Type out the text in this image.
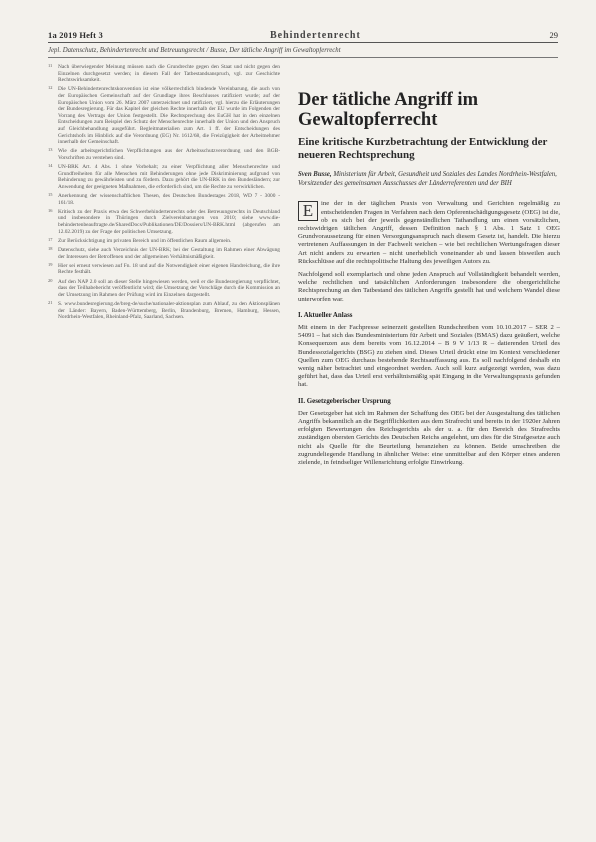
1a 2019 Heft 3	Behindertenrecht	29
Jepl. Datenschutz, Behindertenrecht und Betreuungsrecht / Busse, Der tätliche Angriff im Gewaltopferrecht
11 Nach überwiegender Meinung müssen nach die Grundrechte gegen den Staat und nicht gegen den Einzelnen durchgesetzt werden; in diesem Fall der Tatbestandsanspruch, vgl. zur Geschichte Rechtswirksamkeit.
12 Die UN-Behindertenrechtskonvention ist eine völkerrechtlich bindende Vereinbarung, die auch von der Europäischen Gemeinschaft auf der Grundlage ihres Beschlusses ratifiziert wurde; auf der Europäischen Union vom 26. März 2007 unterzeichnet und ratifiziert, vgl. hierzu die Erläuterungen der Bundesregierung. Für das Kapitel der gleichen Rechte innerhalb der EU wurde im Folgenden der Vorrang des Vertrags der Union festgestellt. Die Rechtsprechung des EuGH hat in den einzelnen Entscheidungen zum Beispiel den Schutz der Menschenrechte innerhalb der Union und den Anspruch auf Gleichbehandlung ausgeführt. Begleitmaterialien zum Art. 1 ff. der Entscheidungen des Gerichtshofs im Hinblick auf die Verordnung (EG) Nr. 1612/68, die Freizügigkeit der Arbeitnehmer innerhalb der Gemeinschaft.
13 Wie die arbeitsgerichtlichen Verpflichtungen aus der Arbeitsschutzverordnung und den BGB-Vorschriften zu verstehen sind.
14 UN-BRK Art. 4 Abs. 1 ohne Vorbehalt; zu einer Verpflichtung aller Menschenrechte und Grundfreiheiten für alle Menschen mit Behinderungen ohne jede Diskriminierung aufgrund von Behinderung zu gewährleisten und zu fördern. Dazu gehört die UN-BRK in den Bundesländern; zur Anwendung der geeigneten Maßnahmen, die erforderlich sind, um die Rechte zu verwirklichen.
15 Anerkennung der wissenschaftlichen Thesen, des Deutschen Bundestages 2018, WD 7 - 3000 - 161/18.
16 Kritisch zu der Praxis etwa des Schwerbehindertenrechts oder des Betreuungsrechts in Deutschland und insbesondere in Thüringen durch Zielvereinbarungen von 2010; siehe www.die-behindertenbeauftragte.de/SharedDocs/Publikationen/DE/Dossiers/UN-BRK.html (abgerufen am 12.02.2019) zu der Frage der politischen Umsetzung.
17 Zur Berücksichtigung im privaten Bereich und im öffentlichen Raum allgemein.
18 Datenschutz, siehe auch Verzeichnis der UN-BRK; bei der Gestaltung im Rahmen einer Abwägung der Interessen der Betroffenen und der allgemeinen Verhältnismäßigkeit.
19 Hier sei erneut verwiesen auf Fn. 18 und auf die Notwendigkeit einer eigenen Handreichung, die ihre Rechte festhält.
20 Auf den NAP 2.0 soll an dieser Stelle hingewiesen werden, weil er die Bundesregierung verpflichtet, dass der Teilhabebericht veröffentlicht wird; die Umsetzung der Vorschläge durch die Kommission an der Umsetzung im Rahmen der Prüfung wird im Einzelnen dargestellt.
21 S. www.bundesregierung.de/breg-de/suche/nationaler-aktionsplan zum Ablauf, zu den Aktionsplänen der Länder: Bayern, Baden-Württemberg, Berlin, Brandenburg, Bremen, Hamburg, Hessen, Nordrhein-Westfalen, Rheinland-Pfalz, Saarland, Sachsen.
Der tätliche Angriff im Gewaltopferrecht
Eine kritische Kurzbetrachtung der Entwicklung der neueren Rechtsprechung
Sven Busse, Ministerium für Arbeit, Gesundheit und Soziales des Landes Nordrhein-Westfalen, Vorsitzender des gemeinsamen Ausschusses der Länderreferenten und der BIH

E	ine der in der täglichen Praxis von Verwaltung und Gerichten regelmäßig zu entscheidenden Fragen in Verfahren nach dem Opferentschädigungsgesetz (OEG) ist die, ob es sich bei der jeweils gegenständlichen Tathandlung um einen vorsätzlichen, rechtswidrigen tätlichen Angriff, dessen Definition nach § 1 Abs. 1 Satz 1 OEG Grundvoraussetzung für einen Versorgungsanspruch nach diesem Gesetz ist, handelt. Die hierzu vertretenen Auffassungen in der Fachwelt weichen – wie bei rechtlichen Wertungsfragen dieser Art nicht anders zu erwarten – nicht unerheblich voneinander ab und lassen bisweilen auch Rückschlüsse auf die rechtspolitische Haltung des jeweiligen Autors zu.

Nachfolgend soll exemplarisch und ohne jeden Anspruch auf Vollständigkeit behandelt werden, welche rechtlichen und tatsächlichen Anforderungen insbesondere die obergerichtliche Rechtsprechung an den Tatbestand des tätlichen Angriffs gestellt hat und welchem Wandel diese unterworfen war.

I. Aktueller Anlass

Mit einem in der Fachpresse seinerzeit gestellten Rundschreiben vom 10.10.2017 – SER 2 – 54091 – hat sich das Bundesministerium für Arbeit und Soziales (BMAS) dazu geäußert, welche Konsequenzen aus dem bereits vom 16.12.2014 – B 9 V 1/13 R – datierenden Urteil des Bundessozialgerichts (BSG) zu ziehen sind. Dieses Urteil drückt eine im Kontext verschiedener Quellen zum OEG durchaus bestehende Rechtsauffassung aus. Es soll nachfolgend deshalb ein wenig näher betrachtet und eingeordnet werden. Auch soll kurz aufgezeigt werden, was dazu geführt hat, dass das Urteil erst verhältnismäßig spät Eingang in die Verwaltungspraxis gefunden hat.

II. Gesetzgeberischer Ursprung

Der Gesetzgeber hat sich im Rahmen der Schaffung des OEG bei der Ausgestaltung des tätlichen Angriffs bekanntlich an die Begrifflichkeiten aus dem Strafrecht und bereits in der 1920er Jahren erfolgten Bewertungen des Reichsgerichts als der u. a. für den Bereich des Strafrechts zuständigen obersten Gerichts des Deutschen Reichs angelehnt, um dies für die Strafgesetze auch nicht als Quelle für die Beurteilung heranziehen zu können. Beide umschreiben die zugrundeliegende Handlung in ähnlicher Weise: eine unmittelbar auf den Körper eines anderen zielende, in feindseliger Willensrichtung erfolgte Einwirkung.
